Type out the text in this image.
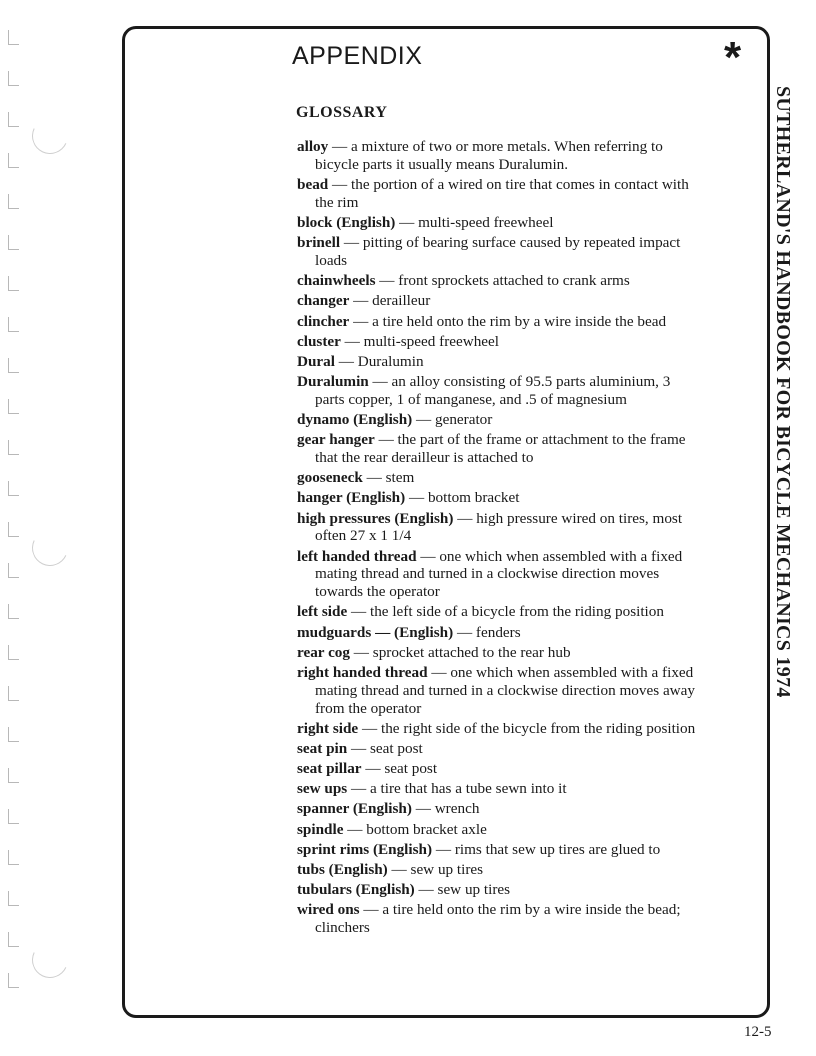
APPENDIX	*
GLOSSARY

alloy — a mixture of two or more metals. When referring to bicycle parts it usually means Duralumin.

bead — the portion of a wired on tire that comes in contact with the rim

block (English) — multi-speed freewheel

brinell — pitting of bearing surface caused by repeated impact loads

chainwheels — front sprockets attached to crank arms

changer — derailleur

clincher — a tire held onto the rim by a wire inside the bead

cluster — multi-speed freewheel

Dural — Duralumin

Duralumin — an alloy consisting of 95.5 parts aluminium, 3 parts copper, 1 of manganese, and .5 of magnesium

dynamo (English) — generator

gear hanger — the part of the frame or attachment to the frame that the rear derailleur is attached to

gooseneck — stem

hanger (English) — bottom bracket

high pressures (English) — high pressure wired on tires, most often 27 x 1 1/4

left handed thread — one which when assembled with a fixed mating thread and turned in a clockwise direction moves towards the operator

left side — the left side of a bicycle from the riding position

mudguards — (English) — fenders

rear cog — sprocket attached to the rear hub

right handed thread — one which when assembled with a fixed mating thread and turned in a clockwise direction moves away from the operator

right side — the right side of the bicycle from the riding position

seat pin — seat post

seat pillar — seat post

sew ups — a tire that has a tube sewn into it

spanner (English) — wrench

spindle — bottom bracket axle

sprint rims (English) — rims that sew up tires are glued to

tubs (English) — sew up tires

tubulars (English) — sew up tires

wired ons — a tire held onto the rim by a wire inside the bead; clinchers

SUTHERLAND'S HANDBOOK FOR BICYCLE MECHANICS 1974
12-5
